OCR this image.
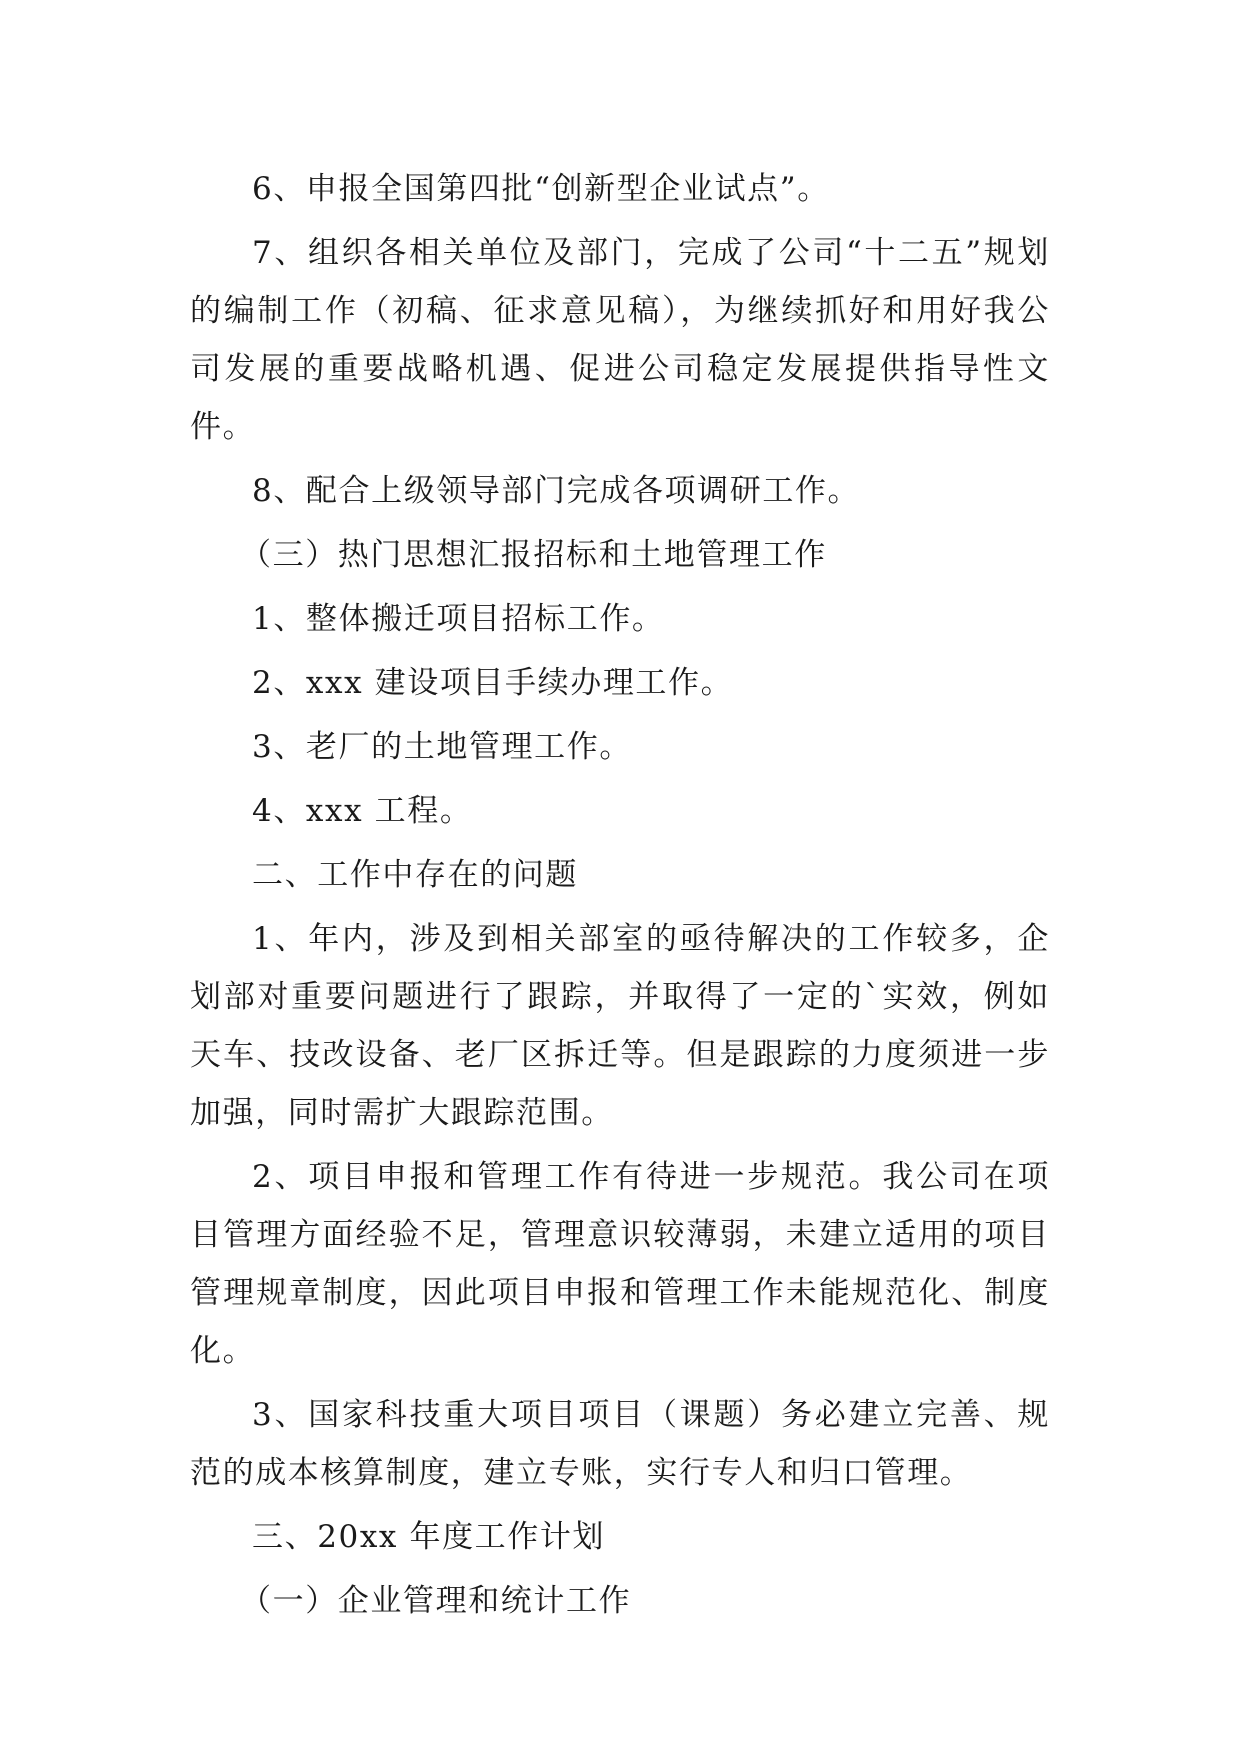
6、申报全国第四批“创新型企业试点”。

7、组织各相关单位及部门，完成了公司“十二五”规划的编制工作（初稿、征求意见稿），为继续抓好和用好我公司发展的重要战略机遇、促进公司稳定发展提供指导性文件。

8、配合上级领导部门完成各项调研工作。

（三）热门思想汇报招标和土地管理工作

1、整体搬迁项目招标工作。

2、xxx 建设项目手续办理工作。

3、老厂的土地管理工作。

4、xxx 工程。

二、工作中存在的问题

1、年内，涉及到相关部室的亟待解决的工作较多，企划部对重要问题进行了跟踪，并取得了一定的`实效，例如天车、技改设备、老厂区拆迁等。但是跟踪的力度须进一步加强，同时需扩大跟踪范围。

2、项目申报和管理工作有待进一步规范。我公司在项目管理方面经验不足，管理意识较薄弱，未建立适用的项目管理规章制度，因此项目申报和管理工作未能规范化、制度化。

3、国家科技重大项目项目（课题）务必建立完善、规范的成本核算制度，建立专账，实行专人和归口管理。

三、20xx 年度工作计划

（一）企业管理和统计工作
